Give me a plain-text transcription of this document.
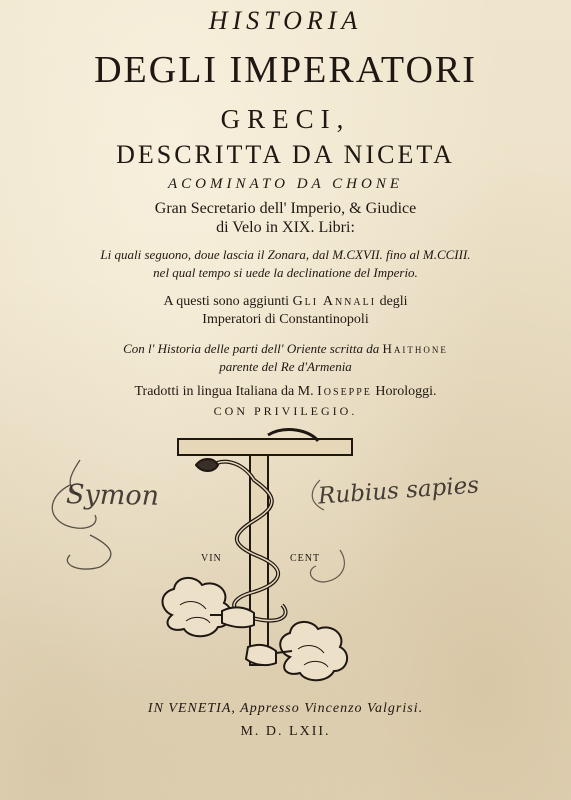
HISTORIA
DEGLI IMPERATORI
GRECI,
DESCRITTA DA NICETA
ACOMINATO DA CHONE
Gran Secretario dell' Imperio, & Giudice
di Velo in XIX. Libri:
Li quali seguono, doue lascia il Zonara, dal M.CXVII. fino al M.CCIII.
nel qual tempo si uede la declinatione del Imperio.
A questi sono aggiunti Gli Annali degli
Imperatori di Constantinopoli
Con l' Historia delle parti dell' Oriente scritta da Haithone
parente del Re d'Armenia
Tradotti in lingua Italiana da M. Ioseppe Horologgi.
CON PRIVILEGIO.
VIN	CENT
Symon	Rubius sapies
IN VENETIA, Appresso Vincenzo Valgrisi.
M. D. LXII.
